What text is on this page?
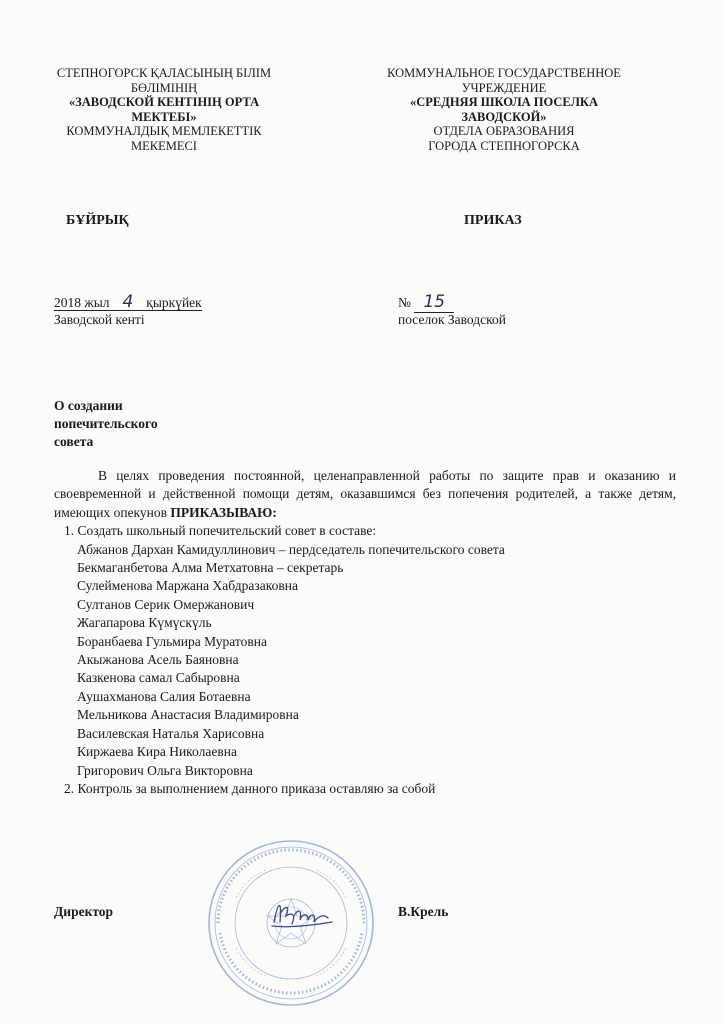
СТЕПНОГОРСК ҚАЛАСЫНЫҢ БІЛІМ
БӨЛІМІНІҢ
«ЗАВОДСКОЙ КЕНТІНІҢ ОРТА
МЕКТЕБІ»
КОММУНАЛДЫҚ МЕМЛЕКЕТТІК
МЕКЕМЕСІ
КОММУНАЛЬНОЕ ГОСУДАРСТВЕННОЕ
УЧРЕЖДЕНИЕ
«СРЕДНЯЯ ШКОЛА ПОСЕЛКА
ЗАВОДСКОЙ»
ОТДЕЛА ОБРАЗОВАНИЯ
ГОРОДА СТЕПНОГОРСКА
БҰЙРЫҚ	ПРИКАЗ
2018 жыл 4 қыркүйек
Заводской кенті
№ 15
поселок Заводской
О создании
попечительского
совета

В целях проведения постоянной, целенаправленной работы по защите прав и оказанию и своевременной и действенной помощи детям, оказавшимся без попечения родителей, а также детям, имеющих опекунов ПРИКАЗЫВАЮ:

1. Создать школьный попечительский совет в составе:

Абжанов Дархан Камидуллинович – пердседатель попечительского совета
Бекмаганбетова Алма Метхатовна – секретарь
Сулейменова Маржана Хабдразаковна
Султанов Серик Омержанович
Жагапарова Күмүскүль
Боранбаева Гульмира Муратовна
Акыжанова Асель Баяновна
Казкенова самал Сабыровна
Аушахманова Салия Ботаевна
Мельникова Анастасия Владимировна
Василевская Наталья Харисовна
Киржаева Кира Николаевна
Григорович Ольга Викторовна

2. Контроль за выполнением данного приказа оставляю за собой

Директор	В.Крель
